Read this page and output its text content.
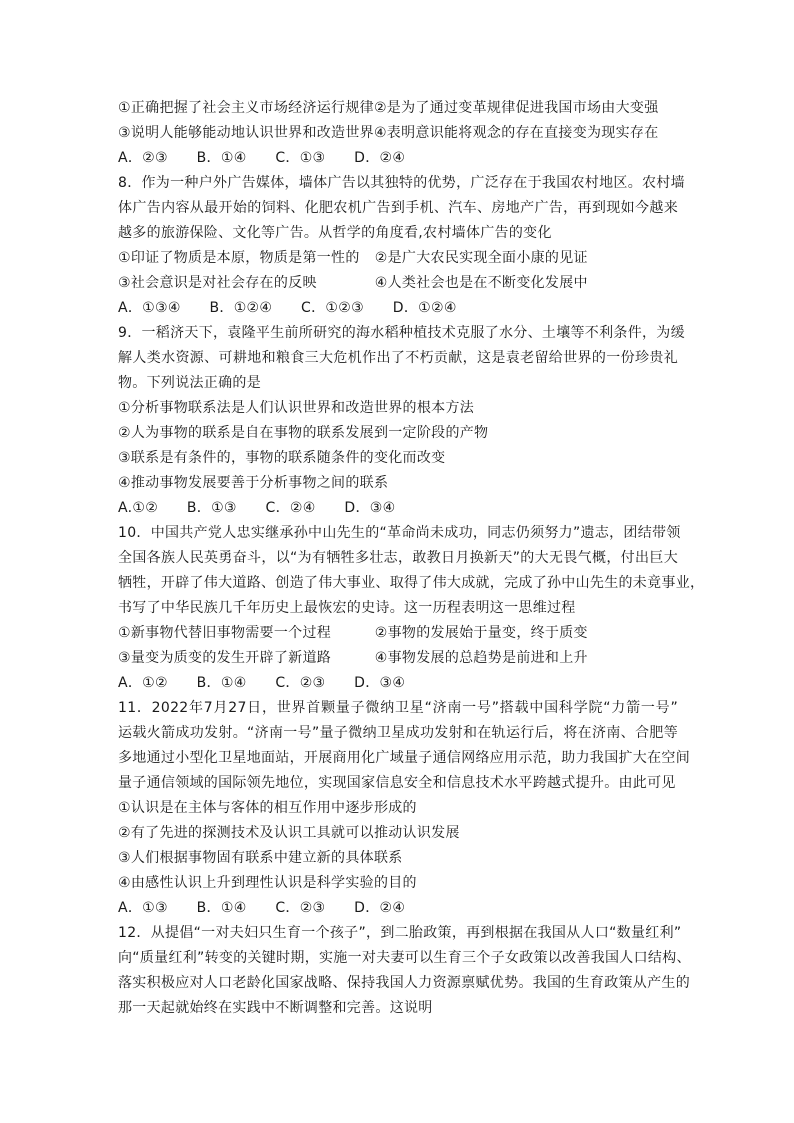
①正确把握了社会主义市场经济运行规律②是为了通过变革规律促进我国市场由大变强
③说明人能够能动地认识世界和改造世界④表明意识能将观念的存在直接变为现实存在
A．②③ B．①④ C．①③ D．②④
8．作为一种户外广告媒体，墙体广告以其独特的优势，广泛存在于我国农村地区。农村墙
体广告内容从最开始的饲料、化肥农机广告到手机、汽车、房地产广告，再到现如今越来
越多的旅游保险、文化等广告。从哲学的角度看,农村墙体广告的变化
①印证了物质是本原，物质是第一性的 ②是广大农民实现全面小康的见证
③社会意识是对社会存在的反映	④人类社会也是在不断变化发展中
A．①③④ B．①②④ C．①②③ D．①②④
9．一稻济天下，袁隆平生前所研究的海水稻种植技术克服了水分、土壤等不利条件，为缓
解人类水资源、可耕地和粮食三大危机作出了不朽贡献，这是袁老留给世界的一份珍贵礼
物。下列说法正确的是
①分析事物联系法是人们认识世界和改造世界的根本方法
②人为事物的联系是自在事物的联系发展到一定阶段的产物
③联系是有条件的，事物的联系随条件的变化而改变
④推动事物发展要善于分析事物之间的联系
A.①② B．①③ C．②④ D．③④
10．中国共产党人忠实继承孙中山先生的“革命尚未成功，同志仍须努力”遗志，团结带领
全国各族人民英勇奋斗，以“为有牺牲多壮志，敢教日月换新天”的大无畏气概，付出巨大
牺牲，开辟了伟大道路、创造了伟大事业、取得了伟大成就，完成了孙中山先生的未竟事业，
书写了中华民族几千年历史上最恢宏的史诗。这一历程表明这一思维过程
①新事物代替旧事物需要一个过程	②事物的发展始于量变，终于质变
③量变为质变的发生开辟了新道路	④事物发展的总趋势是前进和上升
A．①② B．①④ C．②③ D．③④
11．2022年7月27日，世界首颗量子微纳卫星“济南一号”搭载中国科学院“力箭一号”
运载火箭成功发射。“济南一号”量子微纳卫星成功发射和在轨运行后，将在济南、合肥等
多地通过小型化卫星地面站，开展商用化广域量子通信网络应用示范，助力我国扩大在空间
量子通信领域的国际领先地位，实现国家信息安全和信息技术水平跨越式提升。由此可见
①认识是在主体与客体的相互作用中逐步形成的
②有了先进的探测技术及认识工具就可以推动认识发展
③人们根据事物固有联系中建立新的具体联系
④由感性认识上升到理性认识是科学实验的目的
A．①③ B．①④ C．②③ D．②④
12．从提倡“一对夫妇只生育一个孩子”，到二胎政策，再到根据在我国从人口“数量红利”
向“质量红利”转变的关键时期，实施一对夫妻可以生育三个子女政策以改善我国人口结构、
落实积极应对人口老龄化国家战略、保持我国人力资源禀赋优势。我国的生育政策从产生的
那一天起就始终在实践中不断调整和完善。这说明
